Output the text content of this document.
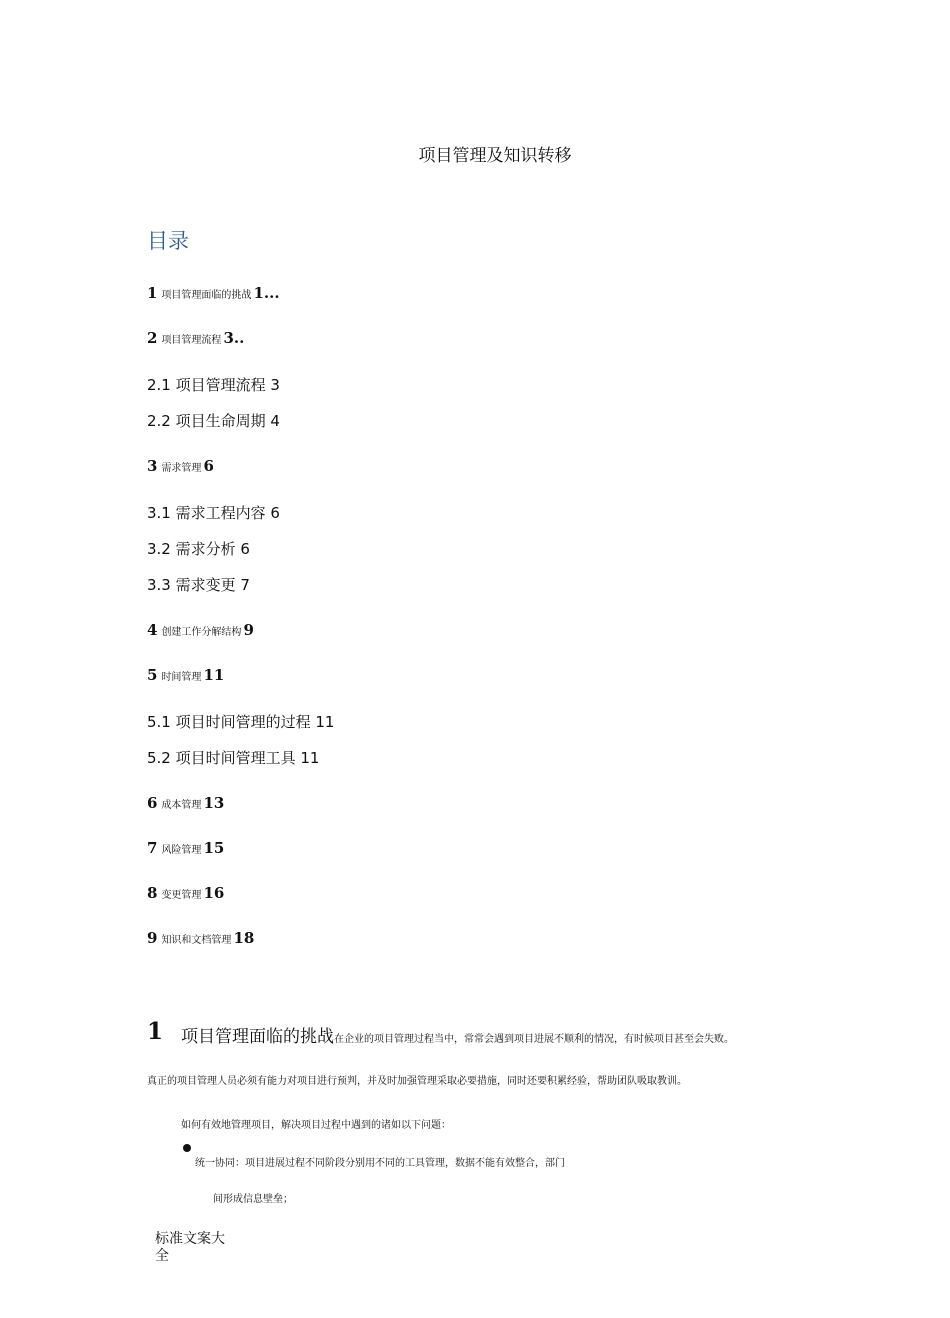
项目管理及知识转移
目录
1 项目管理面临的挑战 1...
2 项目管理流程 3..
2.1 项目管理流程 3
2.2 项目生命周期 4
3 需求管理 6
3.1 需求工程内容 6
3.2 需求分析 6
3.3 需求变更 7
4 创建工作分解结构 9
5 时间管理 11
5.1 项目时间管理的过程 11
5.2 项目时间管理工具 11
6 成本管理 13
7 风险管理 15
8 变更管理 16
9 知识和文档管理 18
1 项目管理面临的挑战在企业的项目管理过程当中，常常会遇到项目进展不顺利的情况，有时候项目甚至会失败。
真正的项目管理人员必须有能力对项目进行预判，并及时加强管理采取必要措施，同时还要积累经验，帮助团队吸取教训。
如何有效地管理项目，解决项目过程中遇到的诸如以下问题：
统一协同：项目进展过程不同阶段分别用不同的工具管理，数据不能有效整合，部门
间形成信息壁垒；
标准文案大全
